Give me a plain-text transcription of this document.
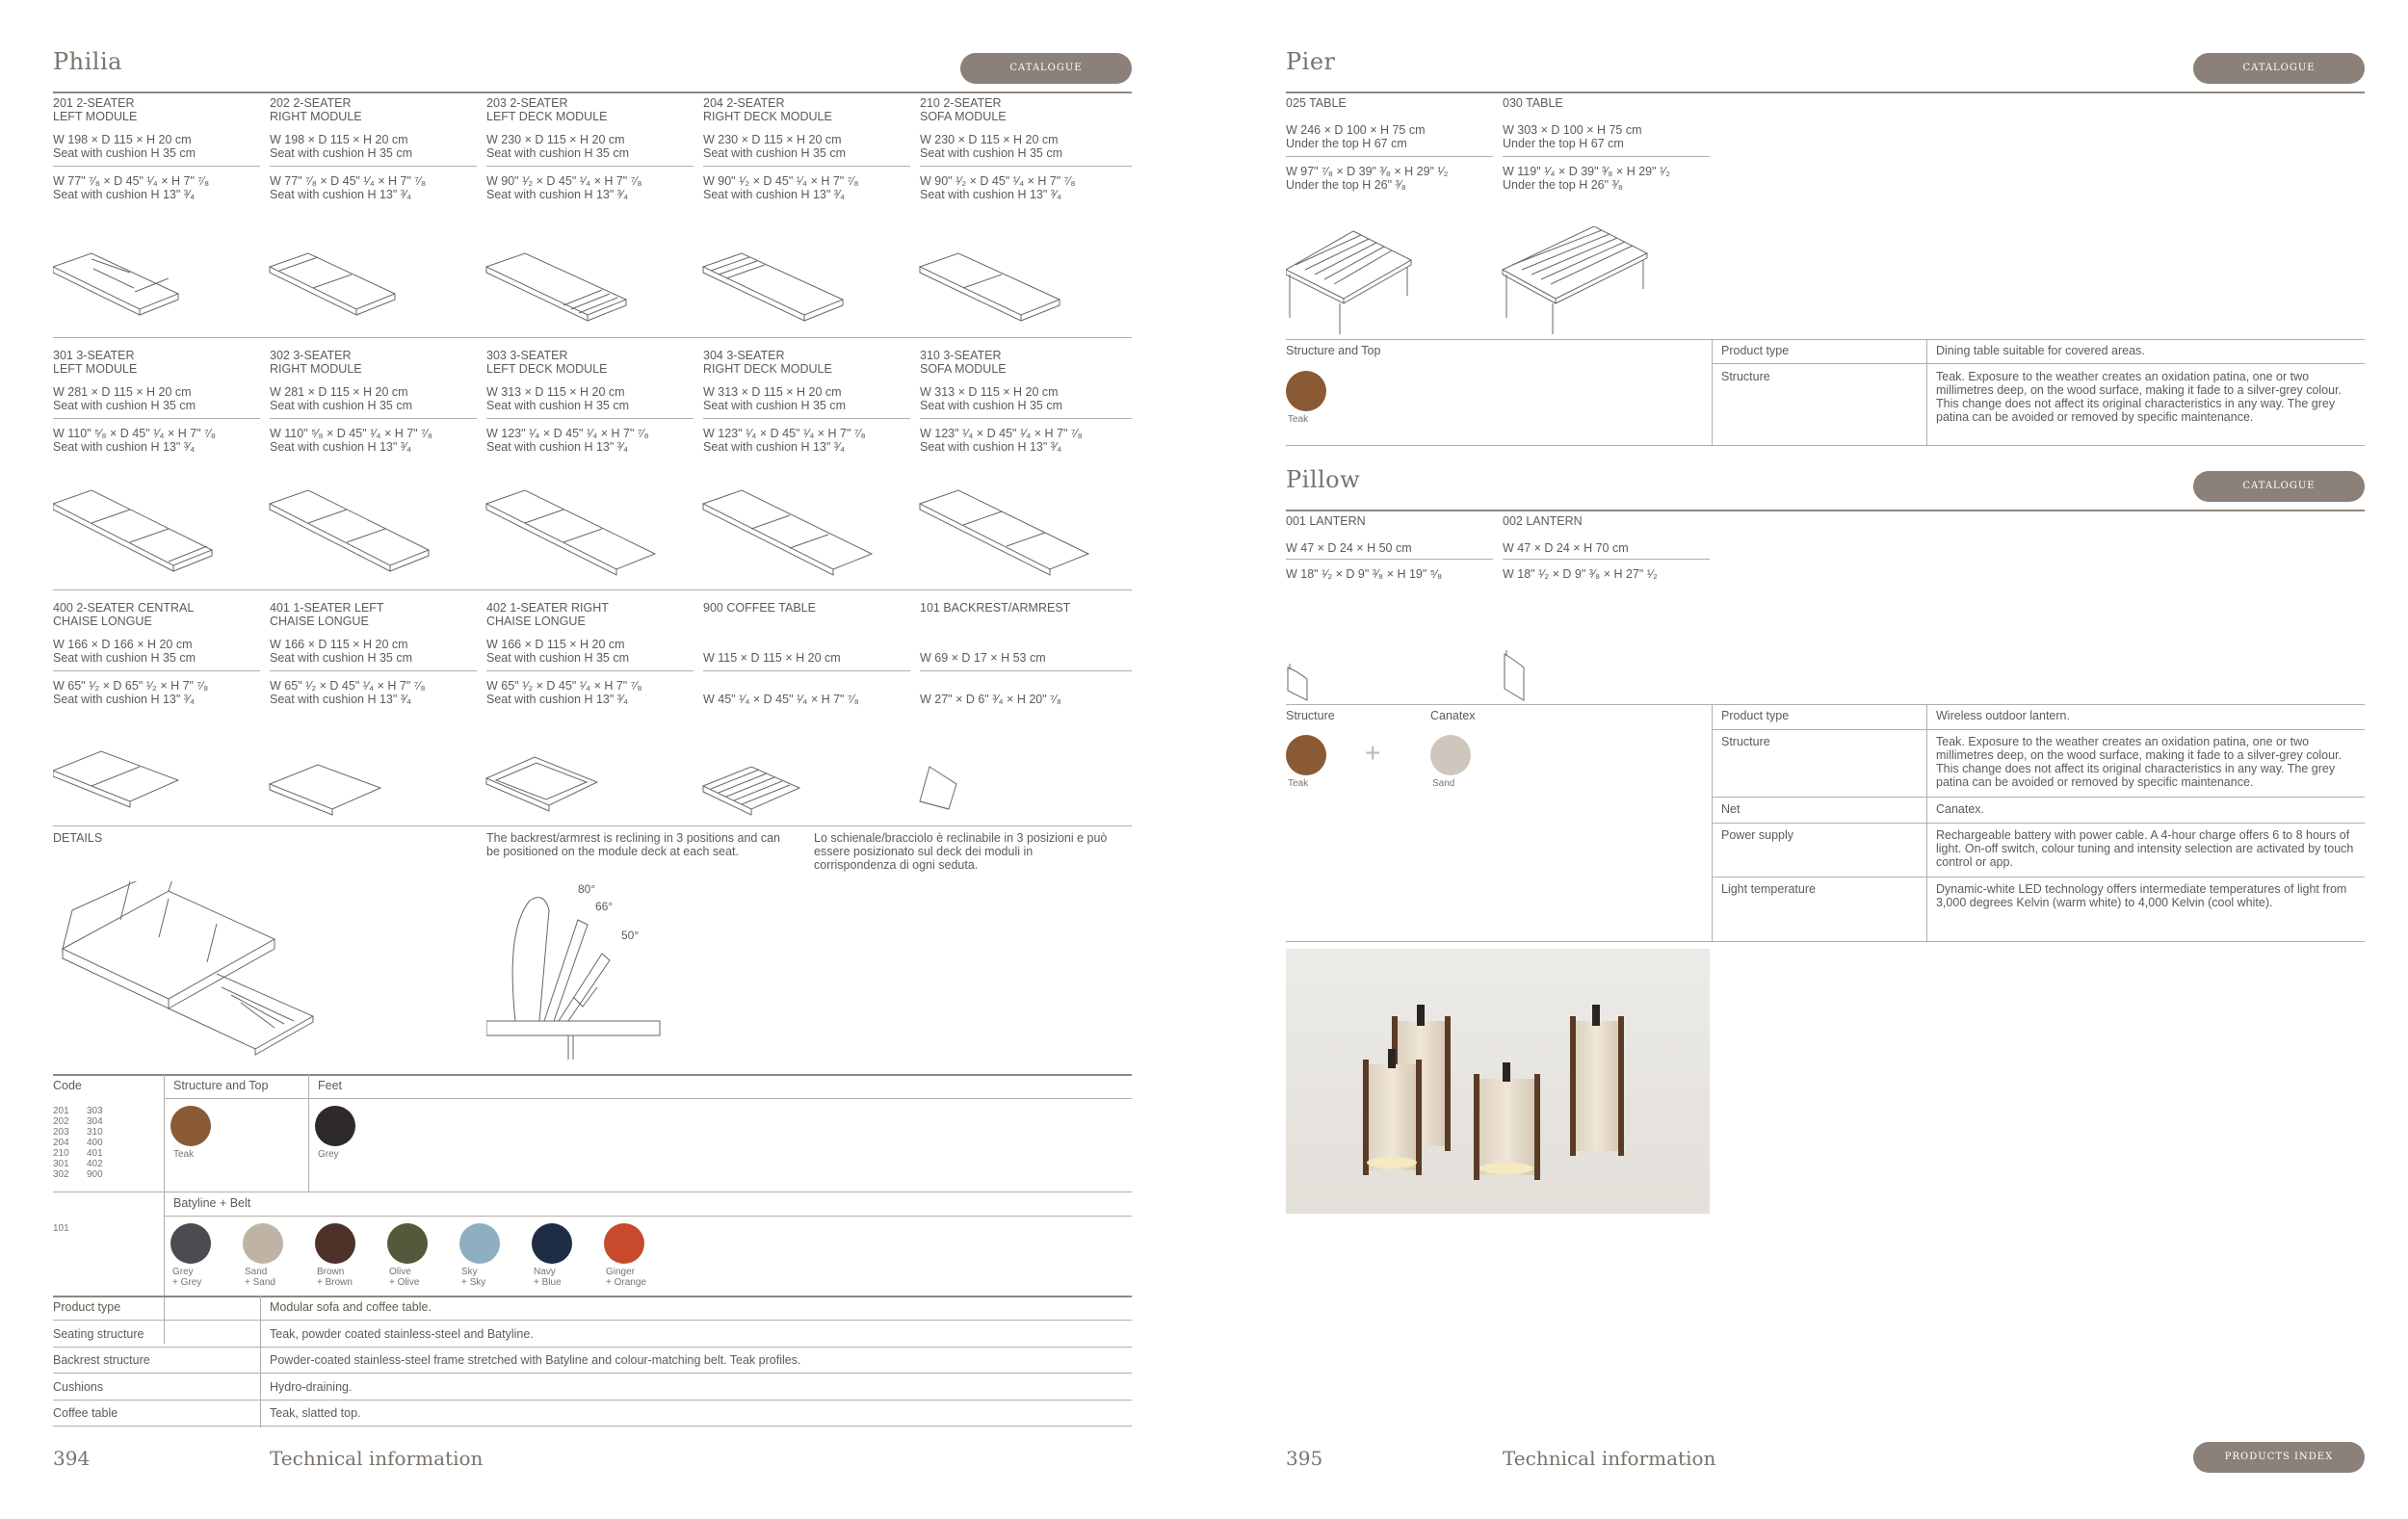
Philia	CATALOGUE
201 2-SEATER
LEFT MODULE
W 198 × D 115 × H 20 cm
Seat with cushion H 35 cm
W 77" ⁷⁄₈ × D 45" ¹⁄₄ × H 7" ⁷⁄₈
Seat with cushion H 13" ³⁄₄
202 2-SEATER
RIGHT MODULE
W 198 × D 115 × H 20 cm
Seat with cushion H 35 cm
W 77" ⁷⁄₈ × D 45" ¹⁄₄ × H 7" ⁷⁄₈
Seat with cushion H 13" ³⁄₄
203 2-SEATER
LEFT DECK MODULE
W 230 × D 115 × H 20 cm
Seat with cushion H 35 cm
W 90" ¹⁄₂ × D 45" ¹⁄₄ × H 7" ⁷⁄₈
Seat with cushion H 13" ³⁄₄
204 2-SEATER
RIGHT DECK MODULE
W 230 × D 115 × H 20 cm
Seat with cushion H 35 cm
W 90" ¹⁄₂ × D 45" ¹⁄₄ × H 7" ⁷⁄₈
Seat with cushion H 13" ³⁄₄
210 2-SEATER
SOFA MODULE
W 230 × D 115 × H 20 cm
Seat with cushion H 35 cm
W 90" ¹⁄₂ × D 45" ¹⁄₄ × H 7" ⁷⁄₈
Seat with cushion H 13" ³⁄₄
301 3-SEATER
LEFT MODULE
W 281 × D 115 × H 20 cm
Seat with cushion H 35 cm
W 110" ⁵⁄₈ × D 45" ¹⁄₄ × H 7" ⁷⁄₈
Seat with cushion H 13" ³⁄₄
302 3-SEATER
RIGHT MODULE
W 281 × D 115 × H 20 cm
Seat with cushion H 35 cm
W 110" ⁵⁄₈ × D 45" ¹⁄₄ × H 7" ⁷⁄₈
Seat with cushion H 13" ³⁄₄
303 3-SEATER
LEFT DECK MODULE
W 313 × D 115 × H 20 cm
Seat with cushion H 35 cm
W 123" ¹⁄₄ × D 45" ¹⁄₄ × H 7" ⁷⁄₈
Seat with cushion H 13" ³⁄₄
304 3-SEATER
RIGHT DECK MODULE
W 313 × D 115 × H 20 cm
Seat with cushion H 35 cm
W 123" ¹⁄₄ × D 45" ¹⁄₄ × H 7" ⁷⁄₈
Seat with cushion H 13" ³⁄₄
310 3-SEATER
SOFA MODULE
W 313 × D 115 × H 20 cm
Seat with cushion H 35 cm
W 123" ¹⁄₄ × D 45" ¹⁄₄ × H 7" ⁷⁄₈
Seat with cushion H 13" ³⁄₄
400 2-SEATER CENTRAL
CHAISE LONGUE
W 166 × D 166 × H 20 cm
Seat with cushion H 35 cm
W 65" ¹⁄₂ × D 65" ¹⁄₂ × H 7" ⁷⁄₈
Seat with cushion H 13" ³⁄₄
401 1-SEATER LEFT
CHAISE LONGUE
W 166 × D 115 × H 20 cm
Seat with cushion H 35 cm
W 65" ¹⁄₂ × D 45" ¹⁄₄ × H 7" ⁷⁄₈
Seat with cushion H 13" ³⁄₄
402 1-SEATER RIGHT
CHAISE LONGUE
W 166 × D 115 × H 20 cm
Seat with cushion H 35 cm
W 65" ¹⁄₂ × D 45" ¹⁄₄ × H 7" ⁷⁄₈
Seat with cushion H 13" ³⁄₄
900 COFFEE TABLE
W 115 × D 115 × H 20 cm
W 45" ¹⁄₄ × D 45" ¹⁄₄ × H 7" ⁷⁄₈
101 BACKREST/ARMREST
W 69 × D 17 × H 53 cm
W 27" × D 6" ³⁄₄ × H 20" ⁷⁄₈
DETAILS	The backrest/armrest is reclining in 3 positions and can be positioned on the module deck at each seat.
Lo schienale/bracciolo è reclinabile in 3 posizioni e può essere posizionato sul deck dei moduli in corrispondenza di ogni seduta.
80°
66°
50°
Code	Structure and Top	Feet
201 303
202 304
203 310
204 400
210 401
301 402
302 900
Teak	Grey
Batyline + Belt
101
Grey
+ Grey
Sand
+ Sand
Brown
+ Brown
Olive
+ Olive
Sky
+ Sky
Navy
+ Blue
Ginger
+ Orange
Product type	Modular sofa and coffee table.
Seating structure	Teak, powder coated stainless-steel and Batyline.
Backrest structure	Powder-coated stainless-steel frame stretched with Batyline and colour-matching belt. Teak profiles.
Cushions	Hydro-draining.
Coffee table	Teak, slatted top.
394	Technical information
Pier	CATALOGUE
025 TABLE
W 246 × D 100 × H 75 cm
Under the top H 67 cm
W 97" ⁷⁄₈ × D 39" ³⁄₈ × H 29" ¹⁄₂
Under the top H 26" ³⁄₈
030 TABLE
W 303 × D 100 × H 75 cm
Under the top H 67 cm
W 119" ¹⁄₄ × D 39" ³⁄₈ × H 29" ¹⁄₂
Under the top H 26" ³⁄₈
Structure and Top
Teak
Product type	Dining table suitable for covered areas.
Structure	Teak. Exposure to the weather creates an oxidation patina, one or two millimetres deep, on the wood surface, making it fade to a silver-grey colour. This change does not affect its original characteristics in any way. The grey patina can be avoided or removed by specific maintenance.
Pillow	CATALOGUE
001 LANTERN
W 47 × D 24 × H 50 cm
W 18" ¹⁄₂ × D 9" ³⁄₈ × H 19" ⁵⁄₈
002 LANTERN
W 47 × D 24 × H 70 cm
W 18" ¹⁄₂ × D 9" ³⁄₈ × H 27" ¹⁄₂
Structure	Canatex
Teak
+
Sand
Product type	Wireless outdoor lantern.
Structure	Teak. Exposure to the weather creates an oxidation patina, one or two millimetres deep, on the wood surface, making it fade to a silver-grey colour. This change does not affect its original characteristics in any way. The grey patina can be avoided or removed by specific maintenance.
Net	Canatex.
Power supply	Rechargeable battery with power cable. A 4-hour charge offers 6 to 8 hours of light. On-off switch, colour tuning and intensity selection are activated by touch control or app.
Light temperature	Dynamic-white LED technology offers intermediate temperatures of light from 3,000 degrees Kelvin (warm white) to 4,000 Kelvin (cool white).
395	Technical information	PRODUCTS INDEX
